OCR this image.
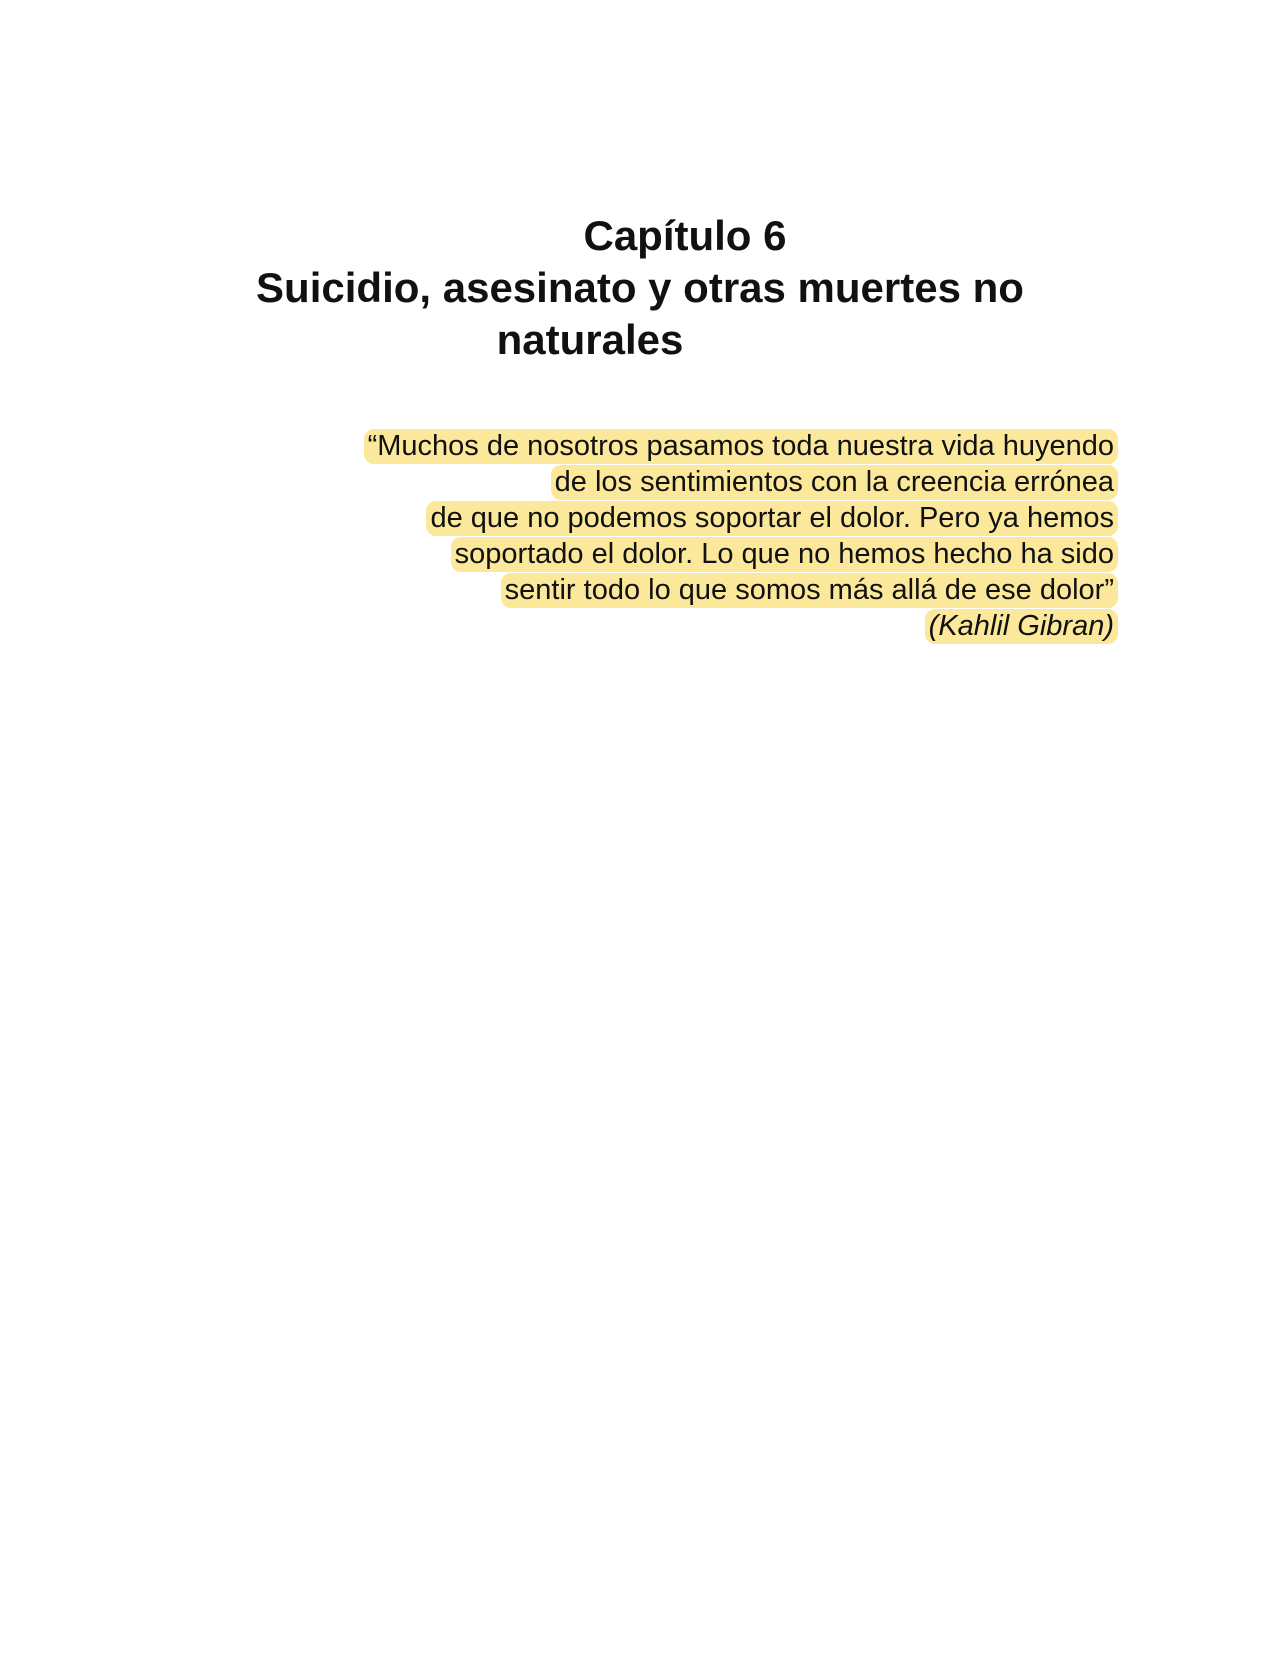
Capítulo 6
Suicidio, asesinato y otras muertes no
naturales
“Muchos de nosotros pasamos toda nuestra vida huyendo
de los sentimientos con la creencia errónea
de que no podemos soportar el dolor. Pero ya hemos
soportado el dolor. Lo que no hemos hecho ha sido
sentir todo lo que somos más allá de ese dolor”
(Kahlil Gibran)
